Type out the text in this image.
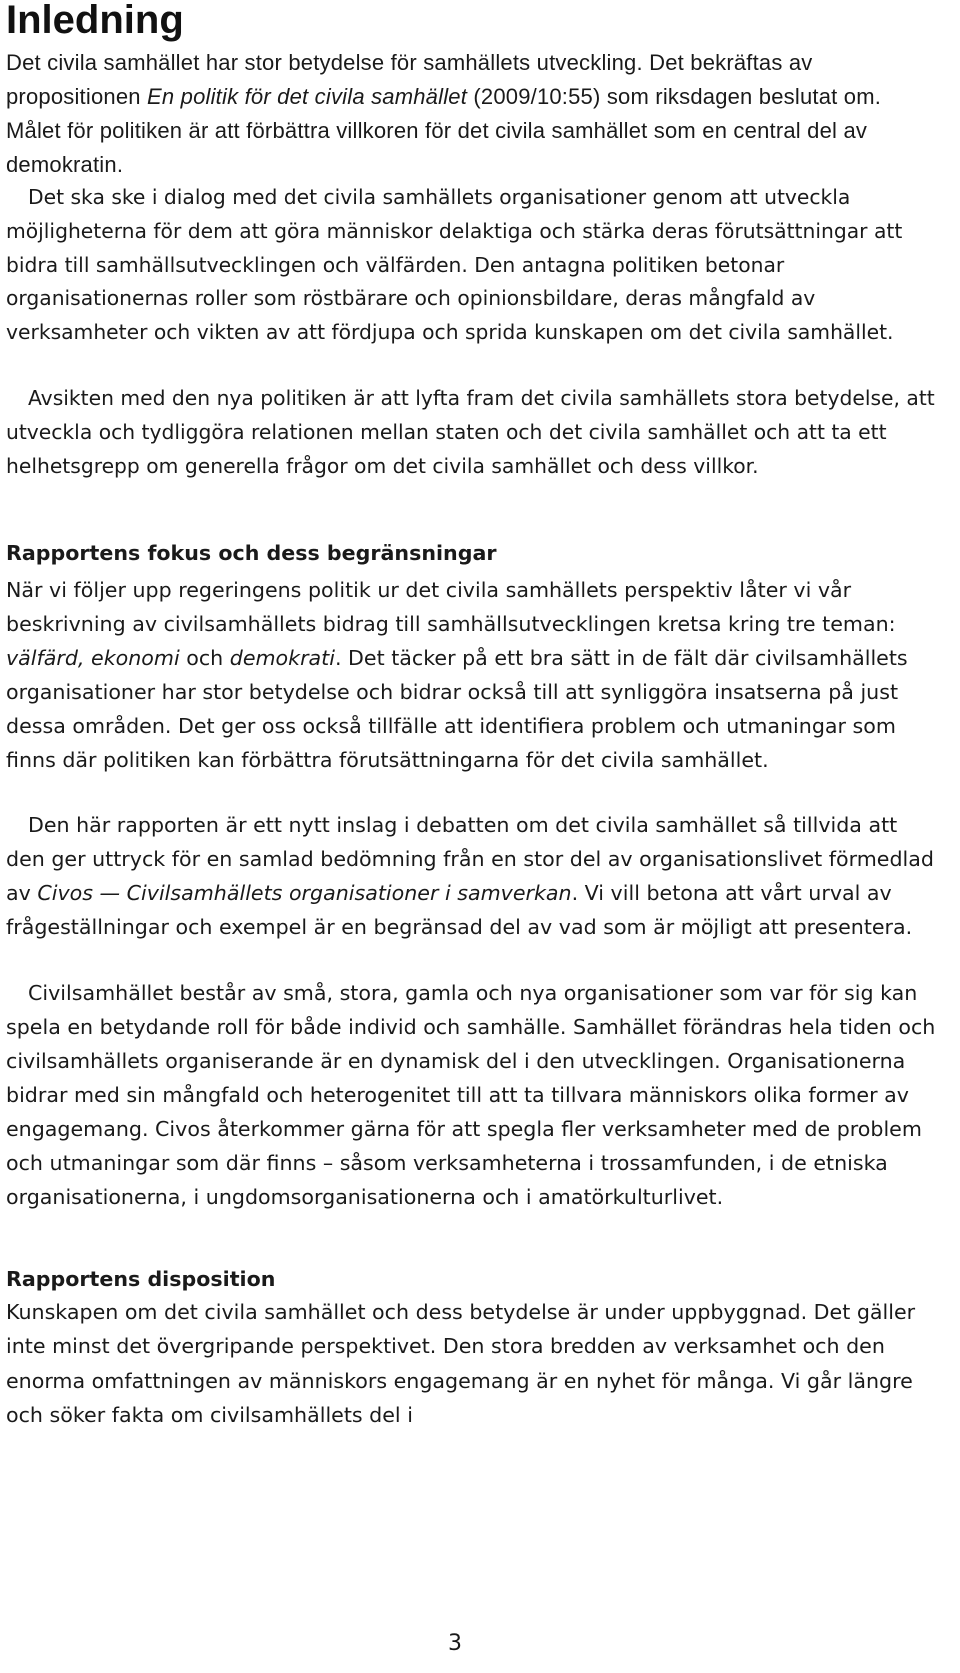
Inledning

Det civila samhället har stor betydelse för samhällets utveckling. Det bekräftas av propositionen En politik för det civila samhället (2009/10:55) som riksdagen beslutat om. Målet för politiken är att förbättra villkoren för det civila samhället som en central del av demokratin.

Det ska ske i dialog med det civila samhällets organisationer genom att utveckla möjligheterna för dem att göra människor delaktiga och stärka deras förutsättningar att bidra till samhällsutvecklingen och välfärden. Den antagna politiken betonar organisationernas roller som röstbärare och opinionsbildare, deras mångfald av verksamheter och vikten av att fördjupa och sprida kunskapen om det civila samhället.

Avsikten med den nya politiken är att lyfta fram det civila samhällets stora betydelse, att utveckla och tydliggöra relationen mellan staten och det civila samhället och att ta ett helhetsgrepp om generella frågor om det civila samhället och dess villkor.

Rapportens fokus och dess begränsningar

När vi följer upp regeringens politik ur det civila samhällets perspektiv låter vi vår beskrivning av civilsamhällets bidrag till samhällsutvecklingen kretsa kring tre teman: välfärd, ekonomi och demokrati. Det täcker på ett bra sätt in de fält där civilsamhällets organisationer har stor betydelse och bidrar också till att synliggöra insatserna på just dessa områden. Det ger oss också tillfälle att identifiera problem och utmaningar som finns där politiken kan förbättra förutsättningarna för det civila samhället.

Den här rapporten är ett nytt inslag i debatten om det civila samhället så tillvida att den ger uttryck för en samlad bedömning från en stor del av organisationslivet förmedlad av Civos — Civilsamhällets organisationer i samverkan. Vi vill betona att vårt urval av frågeställningar och exempel är en begränsad del av vad som är möjligt att presentera.

Civilsamhället består av små, stora, gamla och nya organisationer som var för sig kan spela en betydande roll för både individ och samhälle. Samhället förändras hela tiden och civilsamhällets organiserande är en dynamisk del i den utvecklingen. Organisationerna bidrar med sin mångfald och heterogenitet till att ta tillvara människors olika former av engagemang. Civos återkommer gärna för att spegla fler verksamheter med de problem och utmaningar som där finns – såsom verksamheterna i trossamfunden, i de etniska organisationerna, i ungdomsorganisationerna och i amatörkulturlivet.

Rapportens disposition

Kunskapen om det civila samhället och dess betydelse är under uppbyggnad. Det gäller inte minst det övergripande perspektivet. Den stora bredden av verksamhet och den enorma omfattningen av människors engagemang är en nyhet för många. Vi går längre och söker fakta om civilsamhällets del i

3
